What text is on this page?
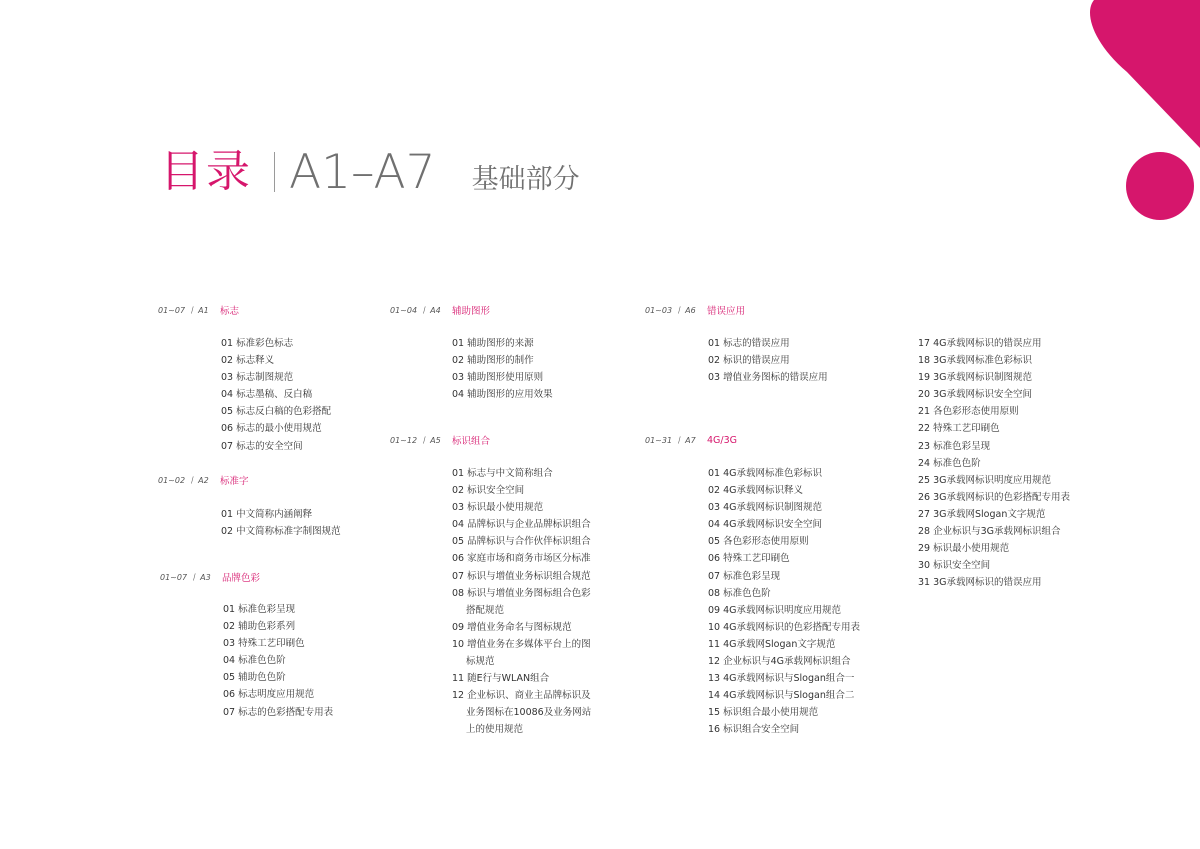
目录 A1–A7 基础部分
01~07 丨 A1	标志
01 标准彩色标志
02 标志释义
03 标志制图规范
04 标志墨稿、反白稿
05 标志反白稿的色彩搭配
06 标志的最小使用规范
07 标志的安全空间
01~02 丨 A2	标准字
01 中文简称内涵阐释
02 中文简称标准字制图规范
01~07 丨 A3	品牌色彩
01 标准色彩呈现
02 辅助色彩系列
03 特殊工艺印刷色
04 标准色色阶
05 辅助色色阶
06 标志明度应用规范
07 标志的色彩搭配专用表
01~04 丨 A4	辅助图形
01 辅助图形的来源
02 辅助图形的制作
03 辅助图形使用原则
04 辅助图形的应用效果
01~12 丨 A5	标识组合
01 标志与中文简称组合
02 标识安全空间
03 标识最小使用规范
04 品牌标识与企业品牌标识组合
05 品牌标识与合作伙伴标识组合
06 家庭市场和商务市场区分标准
07 标识与增值业务标识组合规范
08 标识与增值业务图标组合色彩
搭配规范
09 增值业务命名与图标规范
10 增值业务在多媒体平台上的图
标规范
11 随E行与WLAN组合
12 企业标识、商业主品牌标识及
业务图标在10086及业务网站
上的使用规范
01~03 丨 A6	错误应用
01 标志的错误应用
02 标识的错误应用
03 增值业务图标的错误应用
01~31 丨 A7	4G/3G
01 4G承载网标准色彩标识
02 4G承载网标识释义
03 4G承载网标识制图规范
04 4G承载网标识安全空间
05 各色彩形态使用原则
06 特殊工艺印刷色
07 标准色彩呈现
08 标准色色阶
09 4G承载网标识明度应用规范
10 4G承载网标识的色彩搭配专用表
11 4G承载网Slogan文字规范
12 企业标识与4G承载网标识组合
13 4G承载网标识与Slogan组合一
14 4G承载网标识与Slogan组合二
15 标识组合最小使用规范
16 标识组合安全空间
17 4G承载网标识的错误应用
18 3G承载网标准色彩标识
19 3G承载网标识制图规范
20 3G承载网标识安全空间
21 各色彩形态使用原则
22 特殊工艺印刷色
23 标准色彩呈现
24 标准色色阶
25 3G承载网标识明度应用规范
26 3G承载网标识的色彩搭配专用表
27 3G承载网Slogan文字规范
28 企业标识与3G承载网标识组合
29 标识最小使用规范
30 标识安全空间
31 3G承载网标识的错误应用
